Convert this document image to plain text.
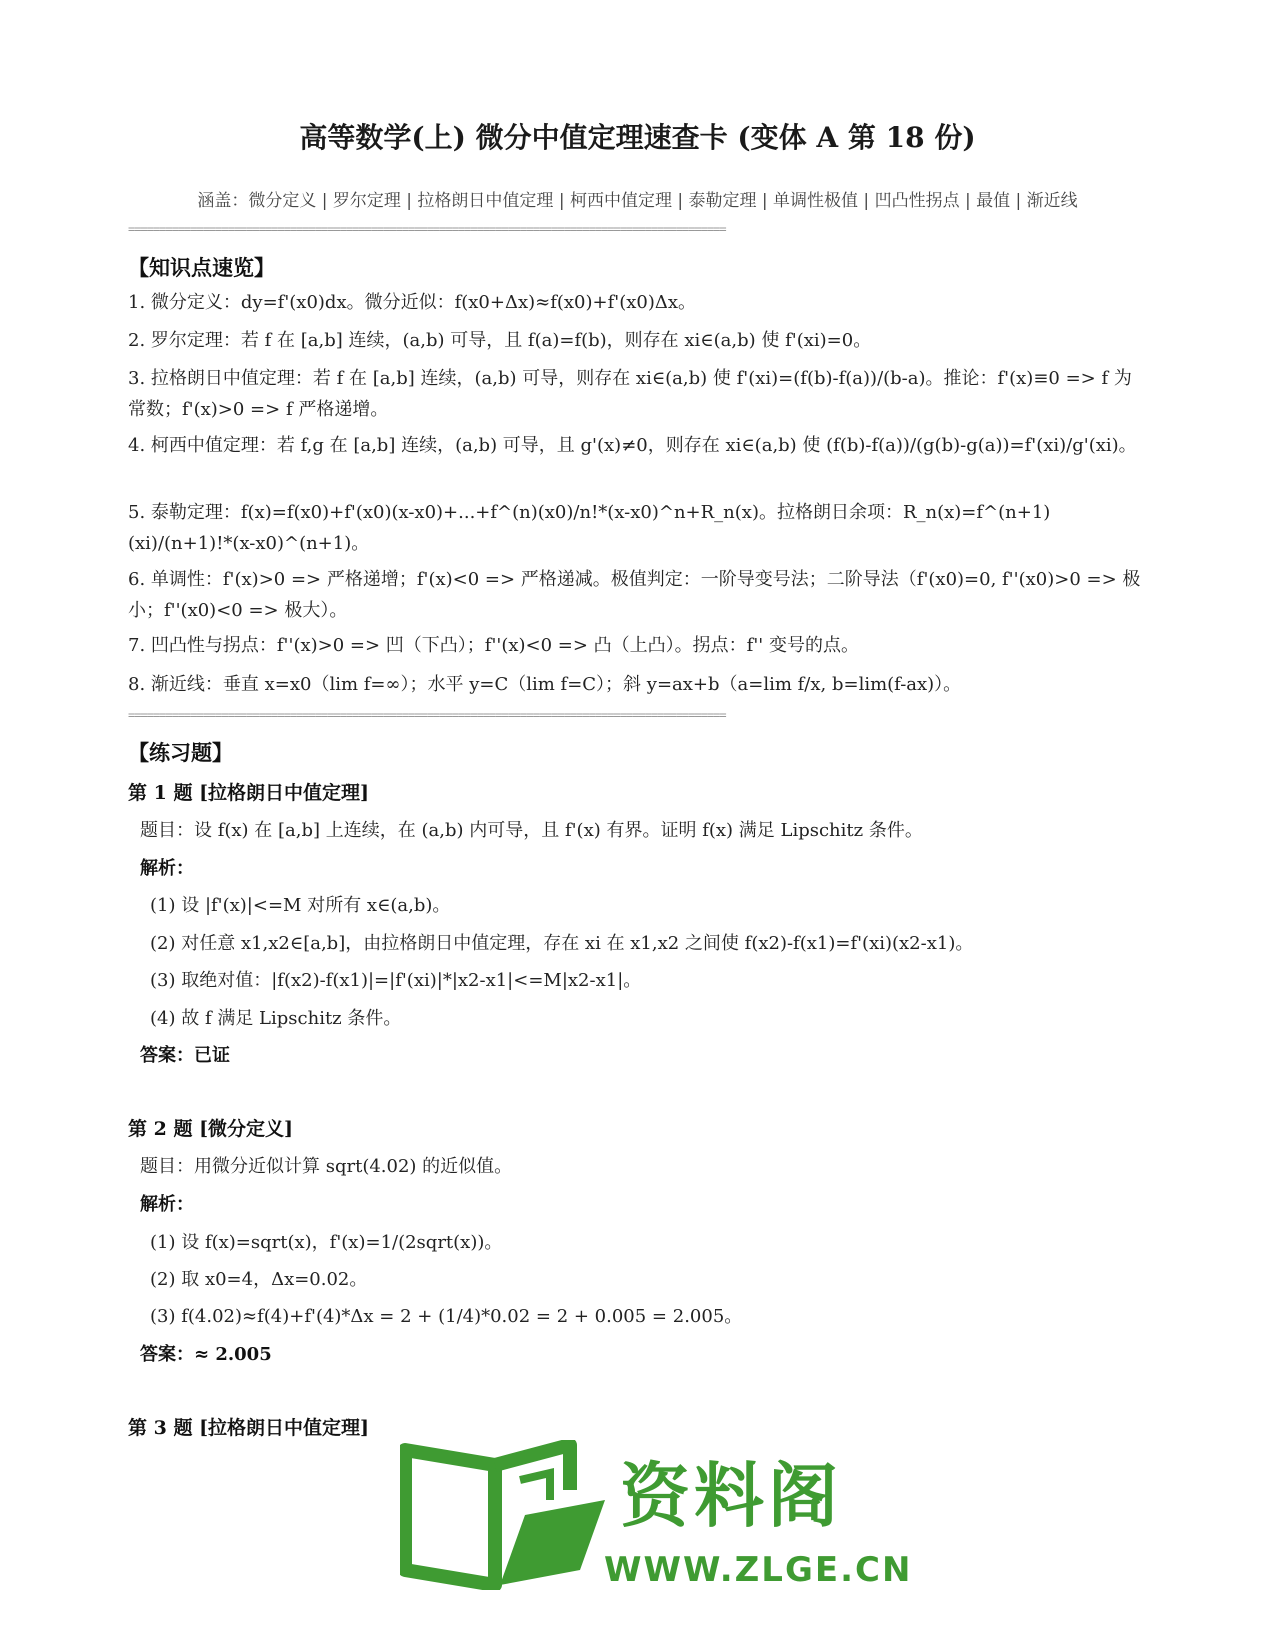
高等数学(上) 微分中值定理速查卡 (变体 A 第 18 份)
涵盖：微分定义 | 罗尔定理 | 拉格朗日中值定理 | 柯西中值定理 | 泰勒定理 | 单调性极值 | 凹凸性拐点 | 最值 | 渐近线
================================================================================================
【知识点速览】
1. 微分定义：dy=f'(x0)dx。微分近似：f(x0+Δx)≈f(x0)+f'(x0)Δx。
2. 罗尔定理：若 f 在 [a,b] 连续，(a,b) 可导，且 f(a)=f(b)，则存在 xi∈(a,b) 使 f'(xi)=0。
3. 拉格朗日中值定理：若 f 在 [a,b] 连续，(a,b) 可导，则存在 xi∈(a,b) 使 f'(xi)=(f(b)-f(a))/(b-a)。推论：f'(x)≡0 => f 为常数；f'(x)>0 => f 严格递增。
4. 柯西中值定理：若 f,g 在 [a,b] 连续，(a,b) 可导，且 g'(x)≠0，则存在 xi∈(a,b) 使 (f(b)-f(a))/(g(b)-g(a))=f'(xi)/g'(xi)。
5. 泰勒定理：f(x)=f(x0)+f'(x0)(x-x0)+...+f^(n)(x0)/n!*(x-x0)^n+R_n(x)。拉格朗日余项：R_n(x)=f^(n+1)(xi)/(n+1)!*(x-x0)^(n+1)。
6. 单调性：f'(x)>0 => 严格递增；f'(x)<0 => 严格递减。极值判定：一阶导变号法；二阶导法（f'(x0)=0, f''(x0)>0 => 极小；f''(x0)<0 => 极大）。
7. 凹凸性与拐点：f''(x)>0 => 凹（下凸）；f''(x)<0 => 凸（上凸）。拐点：f'' 变号的点。
8. 渐近线：垂直 x=x0（lim f=∞）；水平 y=C（lim f=C）；斜 y=ax+b（a=lim f/x, b=lim(f-ax)）。
================================================================================================
【练习题】
第 1 题 [拉格朗日中值定理]
题目：设 f(x) 在 [a,b] 上连续，在 (a,b) 内可导，且 f'(x) 有界。证明 f(x) 满足 Lipschitz 条件。
解析：
(1) 设 |f'(x)|<=M 对所有 x∈(a,b)。
(2) 对任意 x1,x2∈[a,b]，由拉格朗日中值定理，存在 xi 在 x1,x2 之间使 f(x2)-f(x1)=f'(xi)(x2-x1)。
(3) 取绝对值：|f(x2)-f(x1)|=|f'(xi)|*|x2-x1|<=M|x2-x1|。
(4) 故 f 满足 Lipschitz 条件。
答案：已证
第 2 题 [微分定义]
题目：用微分近似计算 sqrt(4.02) 的近似值。
解析：
(1) 设 f(x)=sqrt(x)，f'(x)=1/(2sqrt(x))。
(2) 取 x0=4，Δx=0.02。
(3) f(4.02)≈f(4)+f'(4)*Δx = 2 + (1/4)*0.02 = 2 + 0.005 = 2.005。
答案：≈ 2.005
第 3 题 [拉格朗日中值定理]
资料阁
WWW.ZLGE.CN
